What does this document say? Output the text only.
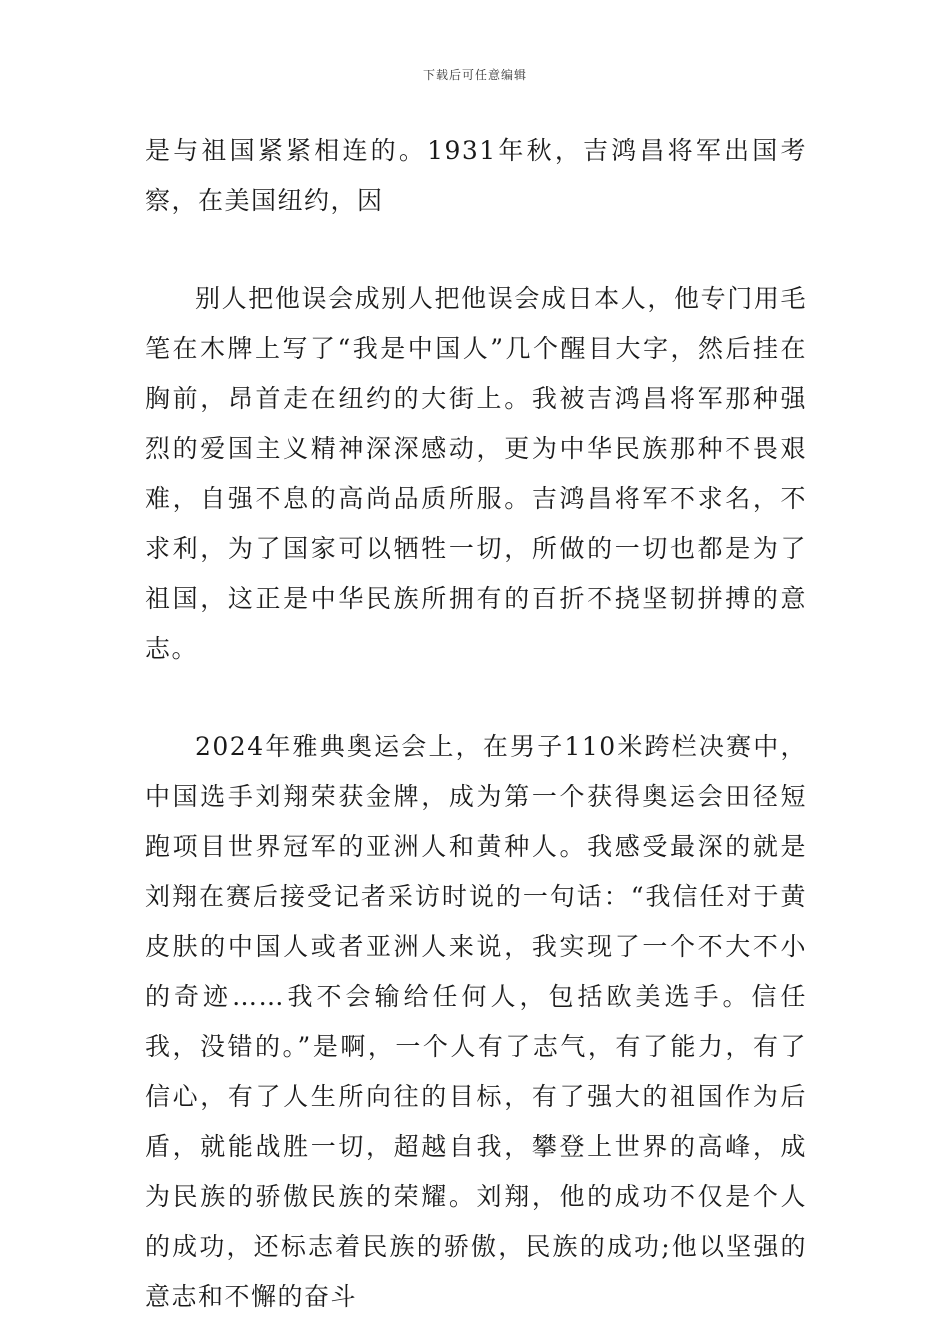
下载后可任意编辑

是与祖国紧紧相连的。1931年秋，吉鸿昌将军出国考察，在美国纽约，因

别人把他误会成别人把他误会成日本人，他专门用毛笔在木牌上写了“我是中国人”几个醒目大字，然后挂在胸前，昂首走在纽约的大街上。我被吉鸿昌将军那种强烈的爱国主义精神深深感动，更为中华民族那种不畏艰难，自强不息的高尚品质所服。吉鸿昌将军不求名，不求利，为了国家可以牺牲一切，所做的一切也都是为了祖国，这正是中华民族所拥有的百折不挠坚韧拼搏的意志。

2024年雅典奥运会上，在男子110米跨栏决赛中，中国选手刘翔荣获金牌，成为第一个获得奥运会田径短跑项目世界冠军的亚洲人和黄种人。我感受最深的就是刘翔在赛后接受记者采访时说的一句话：“我信任对于黄皮肤的中国人或者亚洲人来说，我实现了一个不大不小的奇迹……我不会输给任何人，包括欧美选手。信任我，没错的。”是啊，一个人有了志气，有了能力，有了信心，有了人生所向往的目标，有了强大的祖国作为后盾，就能战胜一切，超越自我，攀登上世界的高峰，成为民族的骄傲民族的荣耀。刘翔，他的成功不仅是个人的成功，还标志着民族的骄傲，民族的成功;他以坚强的意志和不懈的奋斗
